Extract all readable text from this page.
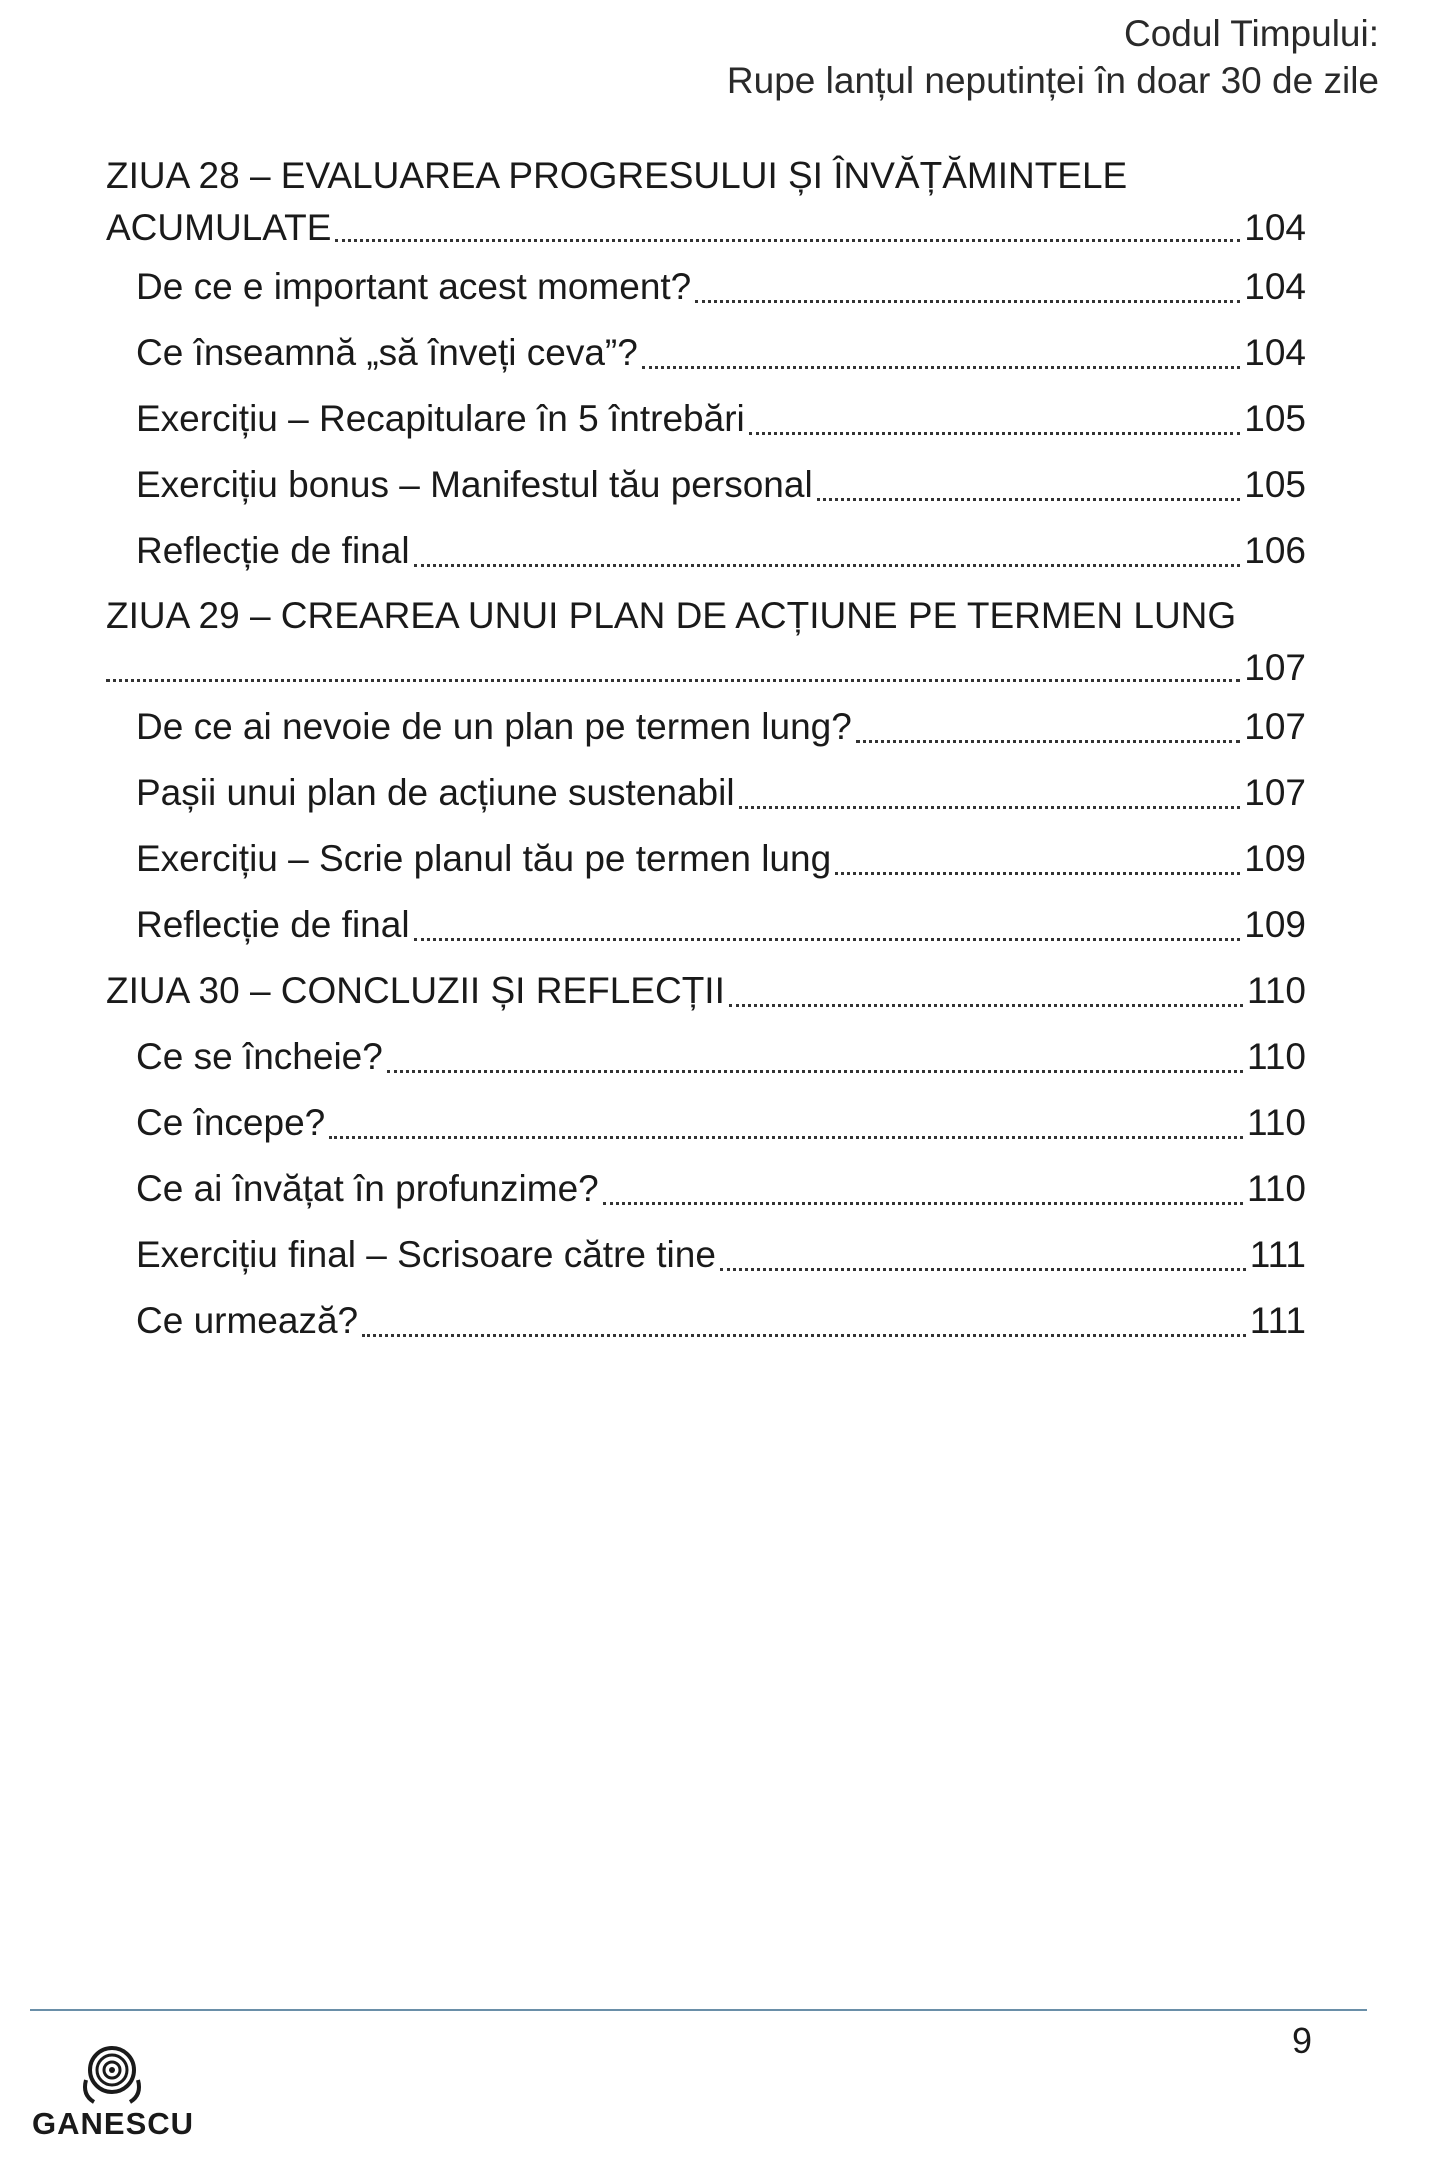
Codul Timpului:
Rupe lanțul neputinței în doar 30 de zile
ZIUA 28 – EVALUAREA PROGRESULUI ȘI ÎNVĂȚĂMINTELE
ACUMULATE	104
De ce e important acest moment?	104
Ce înseamnă „să înveți ceva”?	104
Exercițiu – Recapitulare în 5 întrebări	105
Exercițiu bonus – Manifestul tău personal	105
Reflecție de final	106
ZIUA 29 – CREAREA UNUI PLAN DE ACȚIUNE PE TERMEN LUNG
107
De ce ai nevoie de un plan pe termen lung?	107
Pașii unui plan de acțiune sustenabil	107
Exercițiu – Scrie planul tău pe termen lung	109
Reflecție de final	109
ZIUA 30 – CONCLUZII ȘI REFLECȚII	110
Ce se încheie?	110
Ce începe?	110
Ce ai învățat în profunzime?	110
Exercițiu final – Scrisoare către tine	111
Ce urmează?	111
9
GANESCU
